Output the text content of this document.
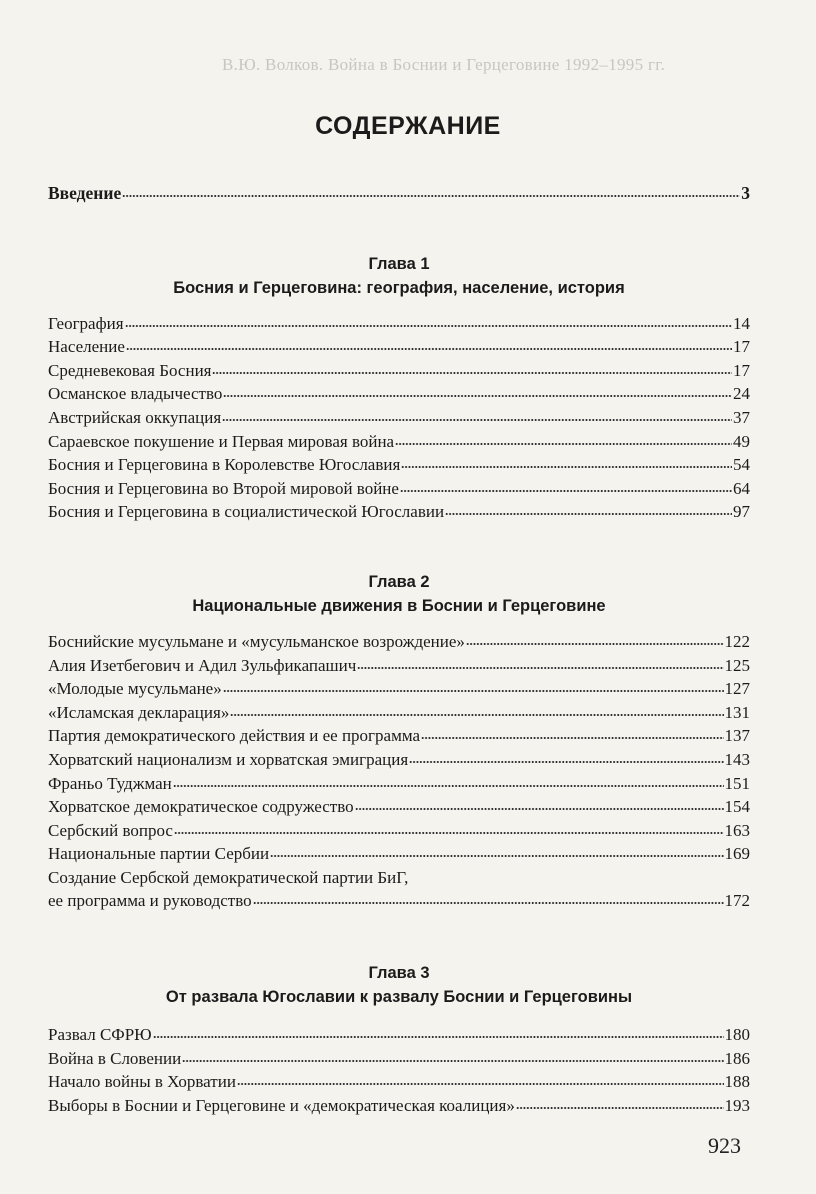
В.Ю. Волков. Война в Боснии и Герцеговине 1992–1995 гг.
СОДЕРЖАНИЕ
Введение	3
Глава 1
Босния и Герцеговина: география, население, история
География	14
Население	17
Средневековая Босния	17
Османское владычество	24
Австрийская оккупация	37
Сараевское покушение и Первая мировая война	49
Босния и Герцеговина в Королевстве Югославия	54
Босния и Герцеговина во Второй мировой войне	64
Босния и Герцеговина в социалистической Югославии	97
Глава 2
Национальные движения в Боснии и Герцеговине
Боснийские мусульмане и «мусульманское возрождение»	122
Алия Изетбегович и Адил Зульфикапашич	125
«Молодые мусульмане»	127
«Исламская декларация»	131
Партия демократического действия и ее программа	137
Хорватский национализм и хорватская эмиграция	143
Франьо Туджман	151
Хорватское демократическое содружество	154
Сербский вопрос	163
Национальные партии Сербии	169
Создание Сербской демократической партии БиГ,
ее программа и руководство	172
Глава 3
От развала Югославии к развалу Боснии и Герцеговины
Развал СФРЮ	180
Война в Словении	186
Начало войны в Хорватии	188
Выборы в Боснии и Герцеговине и «демократическая коалиция»	193
923
